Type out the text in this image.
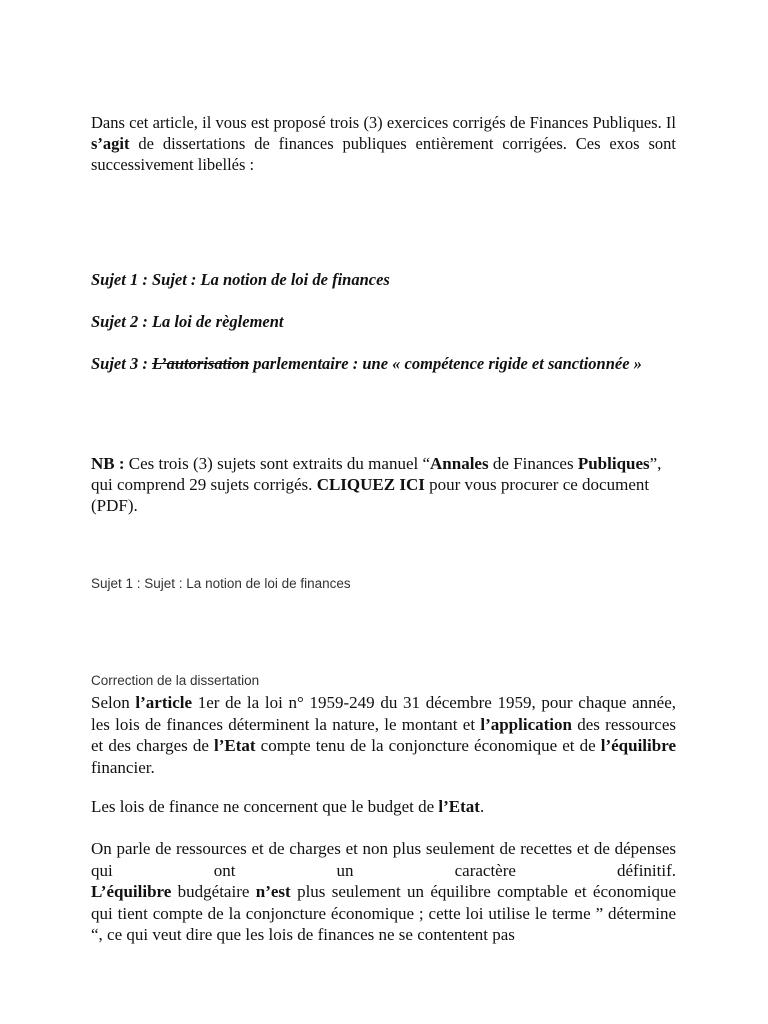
Dans cet article, il vous est proposé trois (3) exercices corrigés de Finances Publiques. Il s’agit de dissertations de finances publiques entièrement corrigées. Ces exos sont successivement libellés :

Sujet 1 : Sujet : La notion de loi de finances

Sujet 2 : La loi de règlement

Sujet 3 : L’autorisation parlementaire : une « compétence rigide et sanctionnée »

NB : Ces trois (3) sujets sont extraits du manuel “Annales de Finances Publiques”, qui comprend 29 sujets corrigés. CLIQUEZ ICI pour vous procurer ce document (PDF).

Sujet 1 : Sujet : La notion de loi de finances

Correction de la dissertation

Selon l’article 1er de la loi n° 1959-249 du 31 décembre 1959, pour chaque année, les lois de finances déterminent la nature, le montant et l’application des ressources et des charges de l’Etat compte tenu de la conjoncture économique et de l’équilibre financier.

Les lois de finance ne concernent que le budget de l’Etat.

On parle de ressources et de charges et non plus seulement de recettes et de dépenses qui ont un caractère définitif.

L’équilibre budgétaire n’est plus seulement un équilibre comptable et économique qui tient compte de la conjoncture économique ; cette loi utilise le terme ” détermine “, ce qui veut dire que les lois de finances ne se contentent pas
